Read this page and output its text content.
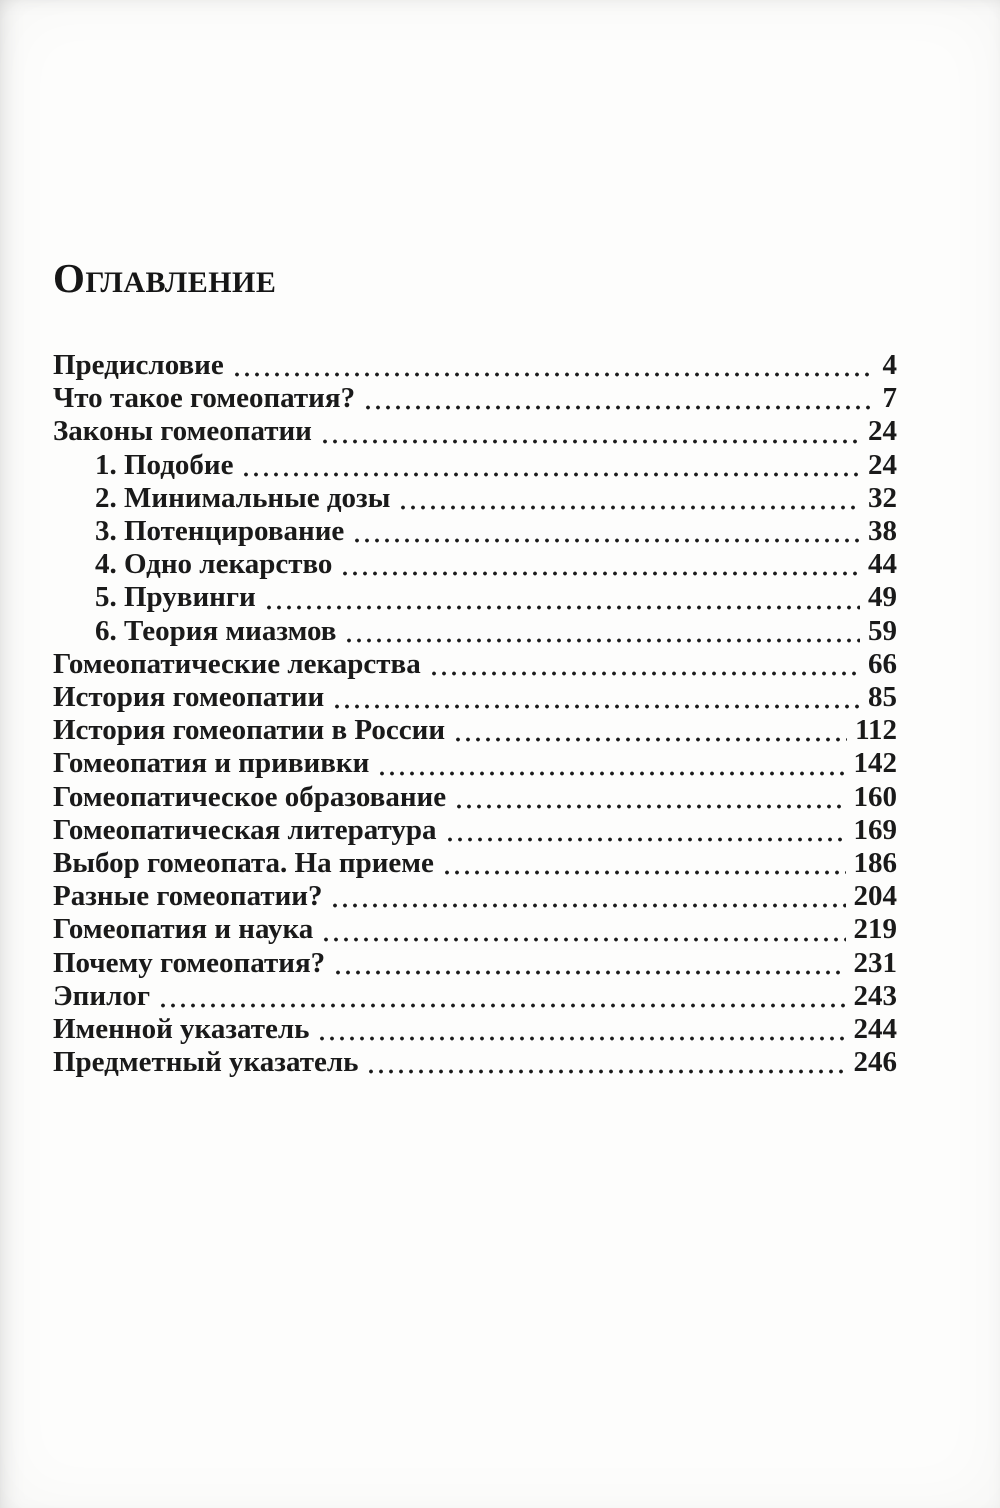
ОГЛАВЛЕНИЕ
Предисловие	4
Что такое гомеопатия?	7
Законы гомеопатии	24
1. Подобие	24
2. Минимальные дозы	32
3. Потенцирование	38
4. Одно лекарство	44
5. Прувинги	49
6. Теория миазмов	59
Гомеопатические лекарства	66
История гомеопатии	85
История гомеопатии в России	112
Гомеопатия и прививки	142
Гомеопатическое образование	160
Гомеопатическая литература	169
Выбор гомеопата. На приеме	186
Разные гомеопатии?	204
Гомеопатия и наука	219
Почему гомеопатия?	231
Эпилог	243
Именной указатель	244
Предметный указатель	246
